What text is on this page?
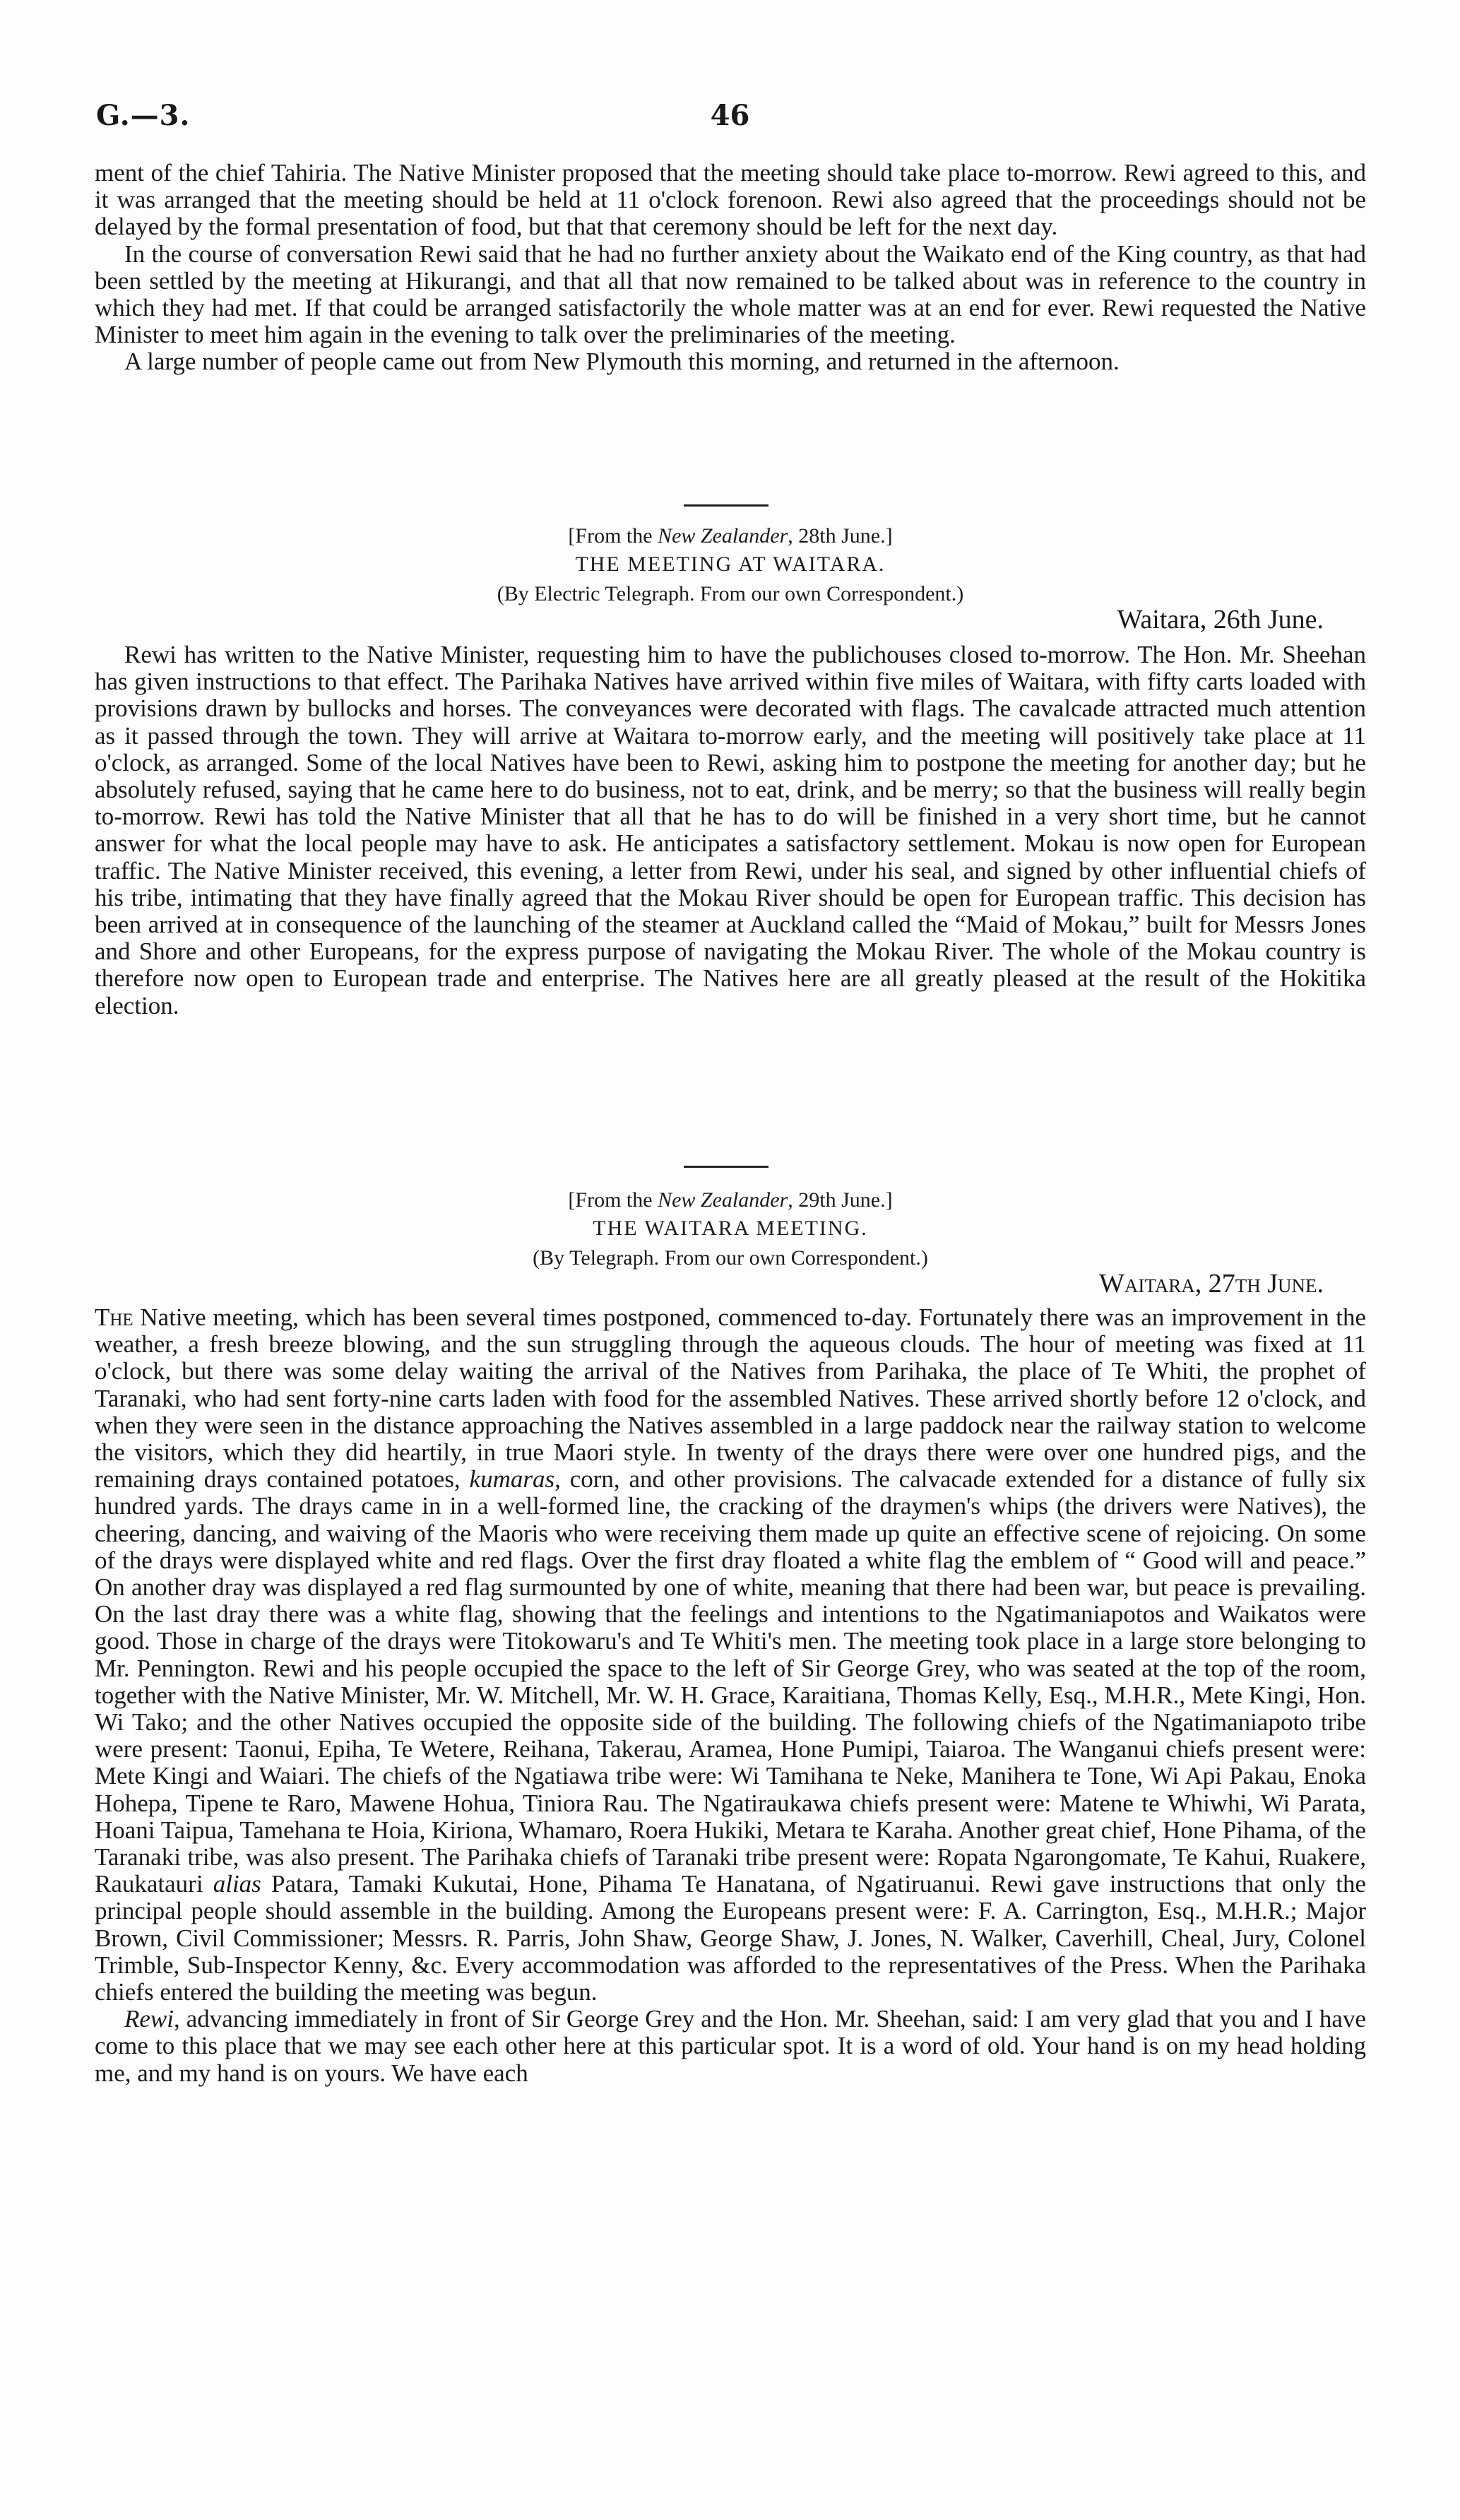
G.—3.	46

ment of the chief Tahiria. The Native Minister proposed that the meeting should take place to-morrow. Rewi agreed to this, and it was arranged that the meeting should be held at 11 o'clock forenoon. Rewi also agreed that the proceedings should not be delayed by the formal presentation of food, but that that ceremony should be left for the next day.

In the course of conversation Rewi said that he had no further anxiety about the Waikato end of the King country, as that had been settled by the meeting at Hikurangi, and that all that now remained to be talked about was in reference to the country in which they had met. If that could be arranged satisfactorily the whole matter was at an end for ever. Rewi requested the Native Minister to meet him again in the evening to talk over the preliminaries of the meeting.

A large number of people came out from New Plymouth this morning, and returned in the afternoon.

[From the New Zealander, 28th June.]
THE MEETING AT WAITARA.
(By Electric Telegraph. From our own Correspondent.)
Waitara, 26th June.

Rewi has written to the Native Minister, requesting him to have the publichouses closed to-morrow. The Hon. Mr. Sheehan has given instructions to that effect. The Parihaka Natives have arrived within five miles of Waitara, with fifty carts loaded with provisions drawn by bullocks and horses. The conveyances were decorated with flags. The cavalcade attracted much attention as it passed through the town. They will arrive at Waitara to-morrow early, and the meeting will positively take place at 11 o'clock, as arranged. Some of the local Natives have been to Rewi, asking him to postpone the meeting for another day; but he absolutely refused, saying that he came here to do business, not to eat, drink, and be merry; so that the business will really begin to-morrow. Rewi has told the Native Minister that all that he has to do will be finished in a very short time, but he cannot answer for what the local people may have to ask. He anticipates a satisfactory settlement. Mokau is now open for European traffic. The Native Minister received, this evening, a letter from Rewi, under his seal, and signed by other influential chiefs of his tribe, intimating that they have finally agreed that the Mokau River should be open for European traffic. This decision has been arrived at in consequence of the launching of the steamer at Auckland called the “Maid of Mokau,” built for Messrs Jones and Shore and other Europeans, for the express purpose of navigating the Mokau River. The whole of the Mokau country is therefore now open to European trade and enterprise. The Natives here are all greatly pleased at the result of the Hokitika election.

[From the New Zealander, 29th June.]
THE WAITARA MEETING.
(By Telegraph. From our own Correspondent.)
Waitara, 27th June.

The Native meeting, which has been several times postponed, commenced to-day. Fortunately there was an improvement in the weather, a fresh breeze blowing, and the sun struggling through the aqueous clouds. The hour of meeting was fixed at 11 o'clock, but there was some delay waiting the arrival of the Natives from Parihaka, the place of Te Whiti, the prophet of Taranaki, who had sent forty-nine carts laden with food for the assembled Natives. These arrived shortly before 12 o'clock, and when they were seen in the distance approaching the Natives assembled in a large paddock near the railway station to welcome the visitors, which they did heartily, in true Maori style. In twenty of the drays there were over one hundred pigs, and the remaining drays contained potatoes, kumaras, corn, and other provisions. The calvacade extended for a distance of fully six hundred yards. The drays came in in a well-formed line, the cracking of the draymen's whips (the drivers were Natives), the cheering, dancing, and waiving of the Maoris who were receiving them made up quite an effective scene of rejoicing. On some of the drays were displayed white and red flags. Over the first dray floated a white flag the emblem of “ Good will and peace.” On another dray was displayed a red flag surmounted by one of white, meaning that there had been war, but peace is prevailing. On the last dray there was a white flag, showing that the feelings and intentions to the Ngatimaniapotos and Waikatos were good. Those in charge of the drays were Titokowaru's and Te Whiti's men. The meeting took place in a large store belonging to Mr. Pennington. Rewi and his people occupied the space to the left of Sir George Grey, who was seated at the top of the room, together with the Native Minister, Mr. W. Mitchell, Mr. W. H. Grace, Karaitiana, Thomas Kelly, Esq., M.H.R., Mete Kingi, Hon. Wi Tako; and the other Natives occupied the opposite side of the building. The following chiefs of the Ngatimaniapoto tribe were present: Taonui, Epiha, Te Wetere, Reihana, Takerau, Aramea, Hone Pumipi, Taiaroa. The Wanganui chiefs present were: Mete Kingi and Waiari. The chiefs of the Ngatiawa tribe were: Wi Tamihana te Neke, Manihera te Tone, Wi Api Pakau, Enoka Hohepa, Tipene te Raro, Mawene Hohua, Tiniora Rau. The Ngatiraukawa chiefs present were: Matene te Whiwhi, Wi Parata, Hoani Taipua, Tamehana te Hoia, Kiriona, Whamaro, Roera Hukiki, Metara te Karaha. Another great chief, Hone Pihama, of the Taranaki tribe, was also present. The Parihaka chiefs of Taranaki tribe present were: Ropata Ngarongomate, Te Kahui, Ruakere, Raukatauri alias Patara, Tamaki Kukutai, Hone, Pihama Te Hanatana, of Ngatiruanui. Rewi gave instructions that only the principal people should assemble in the building. Among the Europeans present were: F. A. Carrington, Esq., M.H.R.; Major Brown, Civil Commissioner; Messrs. R. Parris, John Shaw, George Shaw, J. Jones, N. Walker, Caverhill, Cheal, Jury, Colonel Trimble, Sub-Inspector Kenny, &c. Every accommodation was afforded to the representatives of the Press. When the Parihaka chiefs entered the building the meeting was begun.

Rewi, advancing immediately in front of Sir George Grey and the Hon. Mr. Sheehan, said: I am very glad that you and I have come to this place that we may see each other here at this particular spot. It is a word of old. Your hand is on my head holding me, and my hand is on yours. We have each
